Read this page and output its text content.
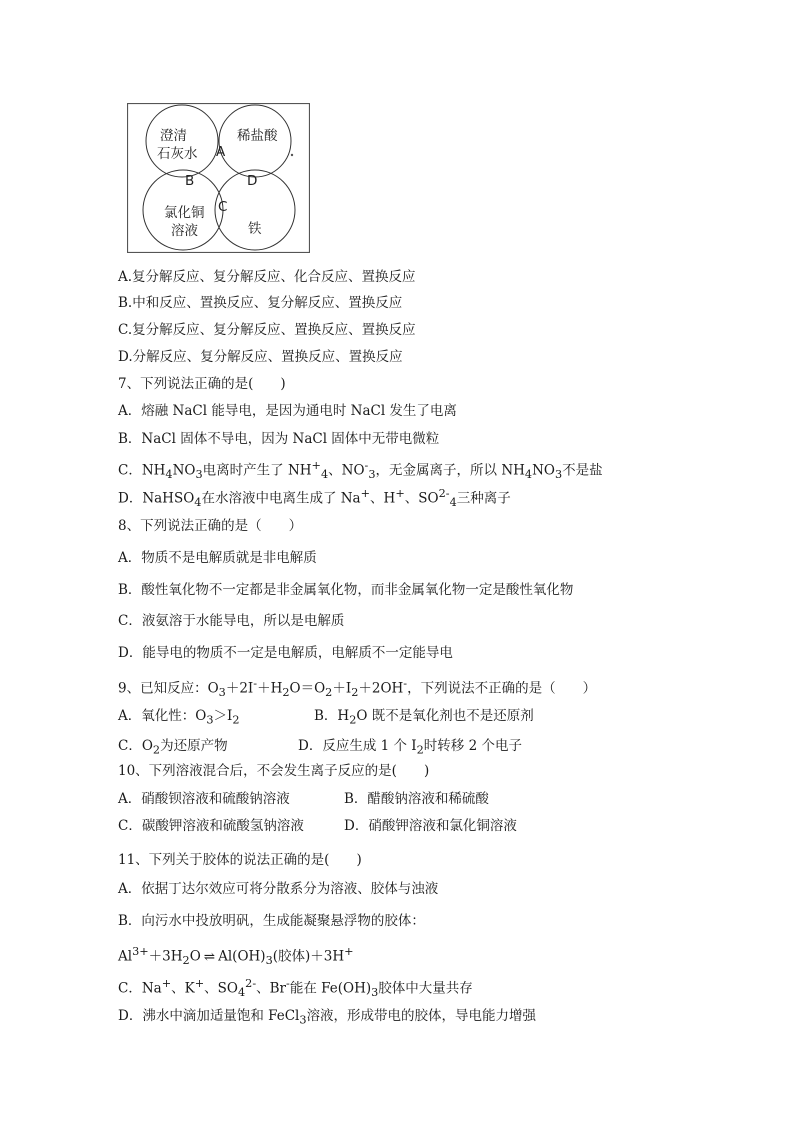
澄清
石灰水
稀盐酸
氯化铜
溶液	铁
A
B
C
D
A.复分解反应、复分解反应、化合反应、置换反应
B.中和反应、置换反应、复分解反应、置换反应
C.复分解反应、复分解反应、置换反应、置换反应
D.分解反应、复分解反应、置换反应、置换反应
7、下列说法正确的是(　　)
A．熔融 NaCl 能导电，是因为通电时 NaCl 发生了电离
B．NaCl 固体不导电，因为 NaCl 固体中无带电微粒
C．$NH_4NO_3$电离时产生了 $NH^+_4$、$NO^-_3$，无金属离子，所以 $NH_4NO_3$不是盐
D．NaHSO$_4$在水溶液中电离生成了 Na+、H+、$SO^{2-}_4$三种离子
8、下列说法正确的是（　　）
A．物质不是电解质就是非电解质
B．酸性氧化物不一定都是非金属氧化物，而非金属氧化物一定是酸性氧化物
C．液氨溶于水能导电，所以是电解质
D．能导电的物质不一定是电解质，电解质不一定能导电
9、已知反应：$O_3+2I^-+H_2O=O_2+I_2+2OH^-$，下列说法不正确的是（　　）
A．氧化性：$O_3>I_2$	B．$H_2O$ 既不是氧化剂也不是还原剂
C．$O_2$为还原产物	D．反应生成 1 个 $I_2$时转移 2 个电子
10、下列溶液混合后，不会发生离子反应的是(　　)
A．硝酸钡溶液和硫酸钠溶液	B．醋酸钠溶液和稀硫酸
C．碳酸钾溶液和硫酸氢钠溶液	D．硝酸钾溶液和氯化铜溶液
11、下列关于胶体的说法正确的是(　　)
A．依据丁达尔效应可将分散系分为溶液、胶体与浊液
B．向污水中投放明矾，生成能凝聚悬浮物的胶体：
$Al^{3+}+3H_2O$ ⇌ $Al(OH)_3$(胶体)＋3H+
C．Na+、K+、$SO_4^{2-}$、Br-能在 $Fe(OH)_3$胶体中大量共存
D．沸水中滴加适量饱和 FeCl$_3$溶液，形成带电的胶体，导电能力增强
